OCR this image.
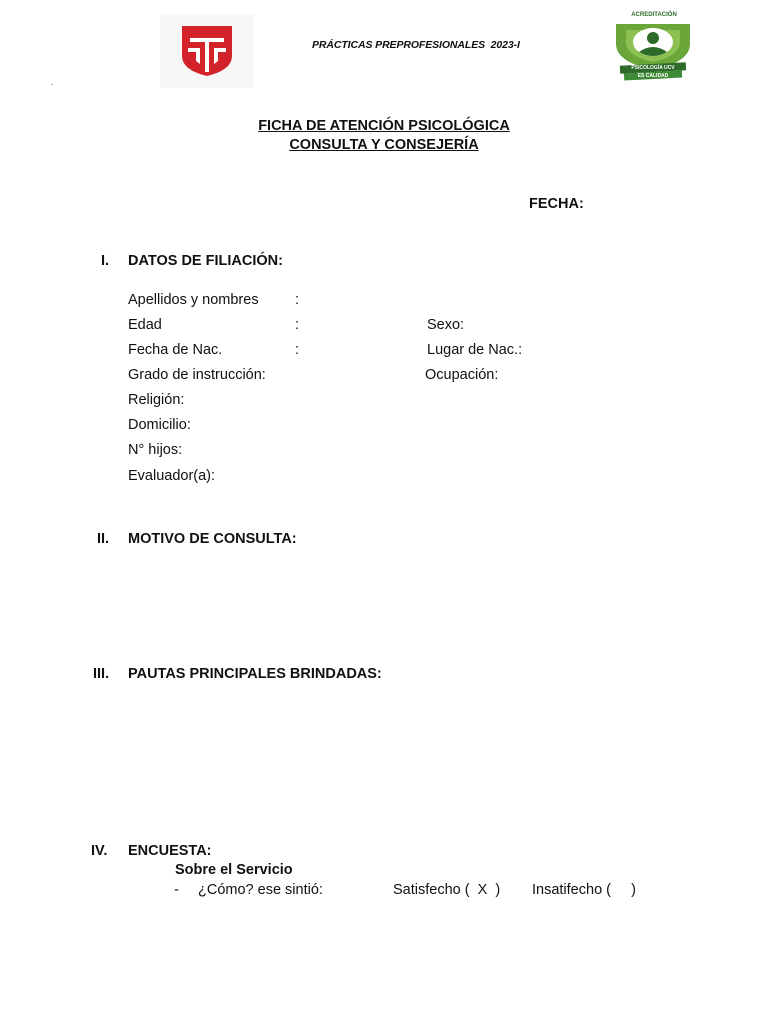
PRÁCTICAS PREPROFESIONALES  2023-I
ACREDITACIÓN
PSICOLOGÍA UCV
ES CALIDAD
.
FICHA DE ATENCIÓN PSICOLÓGICA
CONSULTA Y CONSEJERÍA
FECHA:
I. DATOS DE FILIACIÓN:
Apellidos y nombres	:
Edad	:	Sexo:
Fecha de Nac.	:	Lugar de Nac.:
Grado de instrucción:	Ocupación:
Religión:
Domicilio:
N° hijos:
Evaluador(a):
II. MOTIVO DE CONSULTA:
III. PAUTAS PRINCIPALES BRINDADAS:
IV. ENCUESTA:
Sobre el Servicio
- ¿Cómo? ese sintió:	Satisfecho (  X  ) Insatifecho (     )
